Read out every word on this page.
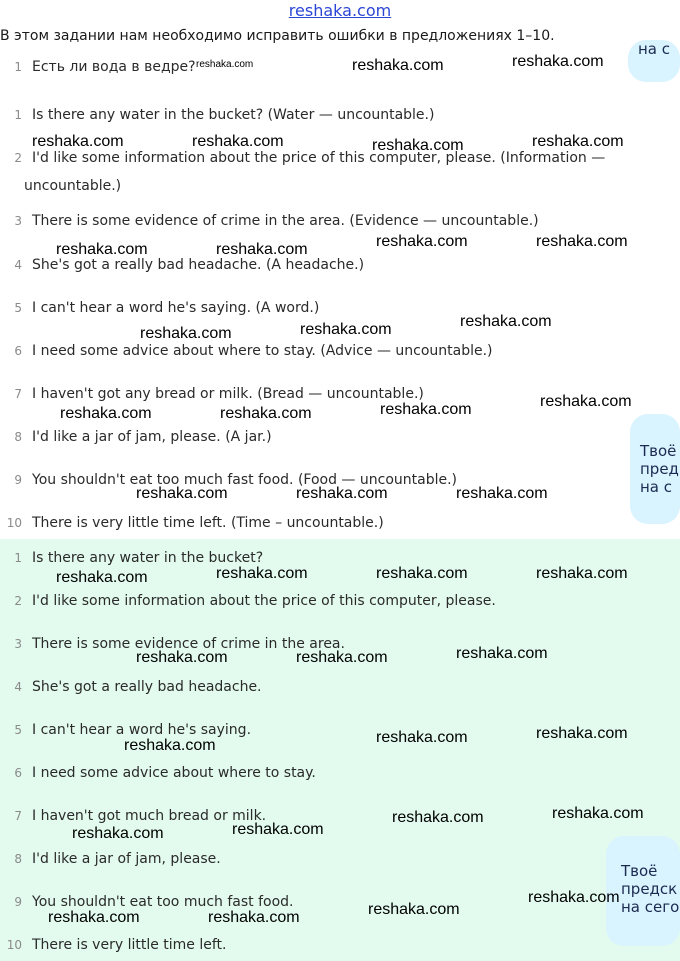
reshaka.com
В этом задании нам необходимо исправить ошибки в предложениях 1–10.
1 Есть ли вода в ведре?
1 Is there any water in the bucket? (Water — uncountable.)
2 I'd like some information about the price of this computer, please. (Information —
uncountable.)
3 There is some evidence of crime in the area. (Evidence — uncountable.)
4 She's got a really bad headache. (A headache.)
5 I can't hear a word he's saying. (A word.)
6 I need some advice about where to stay. (Advice — uncountable.)
7 I haven't got any bread or milk. (Bread — uncountable.)
8 I'd like a jar of jam, please. (A jar.)
9 You shouldn't eat too much fast food. (Food — uncountable.)
10 There is very little time left. (Time – uncountable.)
1 Is there any water in the bucket?
2 I'd like some information about the price of this computer, please.
3 There is some evidence of crime in the area.
4 She's got a really bad headache.
5 I can't hear a word he's saying.
6 I need some advice about where to stay.
7 I haven't got much bread or milk.
8 I'd like a jar of jam, please.
9 You shouldn't eat too much fast food.
10 There is very little time left.
на с
Твоё
пред
на с
Твоё
предск
на сего
reshaka.com	reshaka.com	reshaka.com
reshaka.com	reshaka.com	reshaka.com	reshaka.com
reshaka.com	reshaka.com	reshaka.com	reshaka.com
reshaka.com	reshaka.com	reshaka.com
reshaka.com	reshaka.com	reshaka.com	reshaka.com
reshaka.com	reshaka.com	reshaka.com
reshaka.com	reshaka.com	reshaka.com	reshaka.com
reshaka.com	reshaka.com	reshaka.com
reshaka.com	reshaka.com	reshaka.com
reshaka.com	reshaka.com
reshaka.com	reshaka.com
reshaka.com	reshaka.com	reshaka.com
reshaka.com
